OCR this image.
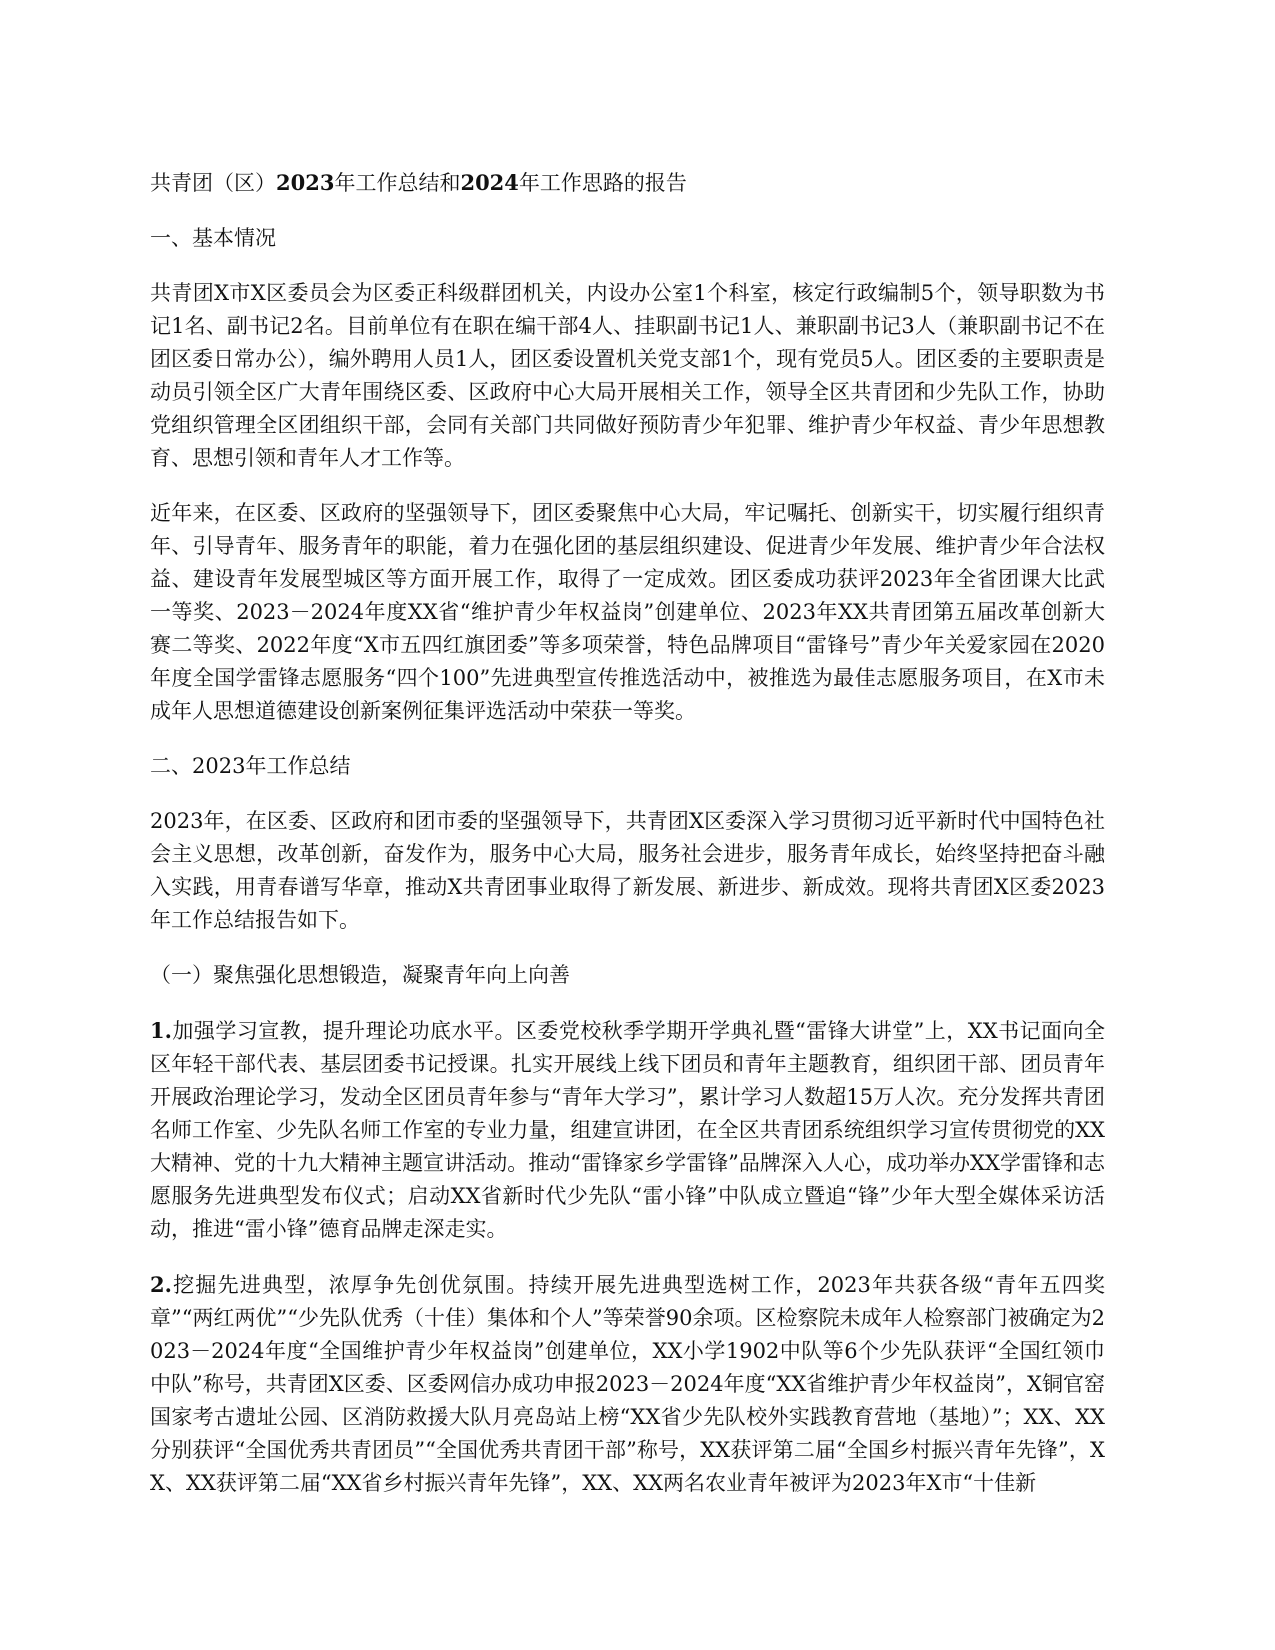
共青团（区）2023年工作总结和2024年工作思路的报告

一、基本情况

共青团X市X区委员会为区委正科级群团机关，内设办公室1个科室，核定行政编制5个，领导职数为书记1名、副书记2名。目前单位有在职在编干部4人、挂职副书记1人、兼职副书记3人（兼职副书记不在团区委日常办公），编外聘用人员1人，团区委设置机关党支部1个，现有党员5人。团区委的主要职责是动员引领全区广大青年围绕区委、区政府中心大局开展相关工作，领导全区共青团和少先队工作，协助党组织管理全区团组织干部，会同有关部门共同做好预防青少年犯罪、维护青少年权益、青少年思想教育、思想引领和青年人才工作等。

近年来，在区委、区政府的坚强领导下，团区委聚焦中心大局，牢记嘱托、创新实干，切实履行组织青年、引导青年、服务青年的职能，着力在强化团的基层组织建设、促进青少年发展、维护青少年合法权益、建设青年发展型城区等方面开展工作，取得了一定成效。团区委成功获评2023年全省团课大比武一等奖、2023－2024年度XX省“维护青少年权益岗”创建单位、2023年XX共青团第五届改革创新大赛二等奖、2022年度“X市五四红旗团委”等多项荣誉，特色品牌项目“雷锋号”青少年关爱家园在2020年度全国学雷锋志愿服务“四个100”先进典型宣传推选活动中，被推选为最佳志愿服务项目，在X市未成年人思想道德建设创新案例征集评选活动中荣获一等奖。

二、2023年工作总结

2023年，在区委、区政府和团市委的坚强领导下，共青团X区委深入学习贯彻习近平新时代中国特色社会主义思想，改革创新，奋发作为，服务中心大局，服务社会进步，服务青年成长，始终坚持把奋斗融入实践，用青春谱写华章，推动X共青团事业取得了新发展、新进步、新成效。现将共青团X区委2023年工作总结报告如下。

（一）聚焦强化思想锻造，凝聚青年向上向善

1.加强学习宣教，提升理论功底水平。区委党校秋季学期开学典礼暨“雷锋大讲堂”上，XX书记面向全区年轻干部代表、基层团委书记授课。扎实开展线上线下团员和青年主题教育，组织团干部、团员青年开展政治理论学习，发动全区团员青年参与“青年大学习”，累计学习人数超15万人次。充分发挥共青团名师工作室、少先队名师工作室的专业力量，组建宣讲团，在全区共青团系统组织学习宣传贯彻党的XX大精神、党的十九大精神主题宣讲活动。推动“雷锋家乡学雷锋”品牌深入人心，成功举办XX学雷锋和志愿服务先进典型发布仪式；启动XX省新时代少先队“雷小锋”中队成立暨追“锋”少年大型全媒体采访活动，推进“雷小锋”德育品牌走深走实。

2.挖掘先进典型，浓厚争先创优氛围。持续开展先进典型选树工作，2023年共获各级“青年五四奖章”“两红两优”“少先队优秀（十佳）集体和个人”等荣誉90余项。区检察院未成年人检察部门被确定为2023－2024年度“全国维护青少年权益岗”创建单位，XX小学1902中队等6个少先队获评“全国红领巾中队”称号，共青团X区委、区委网信办成功申报2023－2024年度“XX省维护青少年权益岗”，X铜官窑国家考古遗址公园、区消防救援大队月亮岛站上榜“XX省少先队校外实践教育营地（基地）”；XX、XX分别获评“全国优秀共青团员”“全国优秀共青团干部”称号，XX获评第二届“全国乡村振兴青年先锋”，XX、XX获评第二届“XX省乡村振兴青年先锋”，XX、XX两名农业青年被评为2023年X市“十佳新
